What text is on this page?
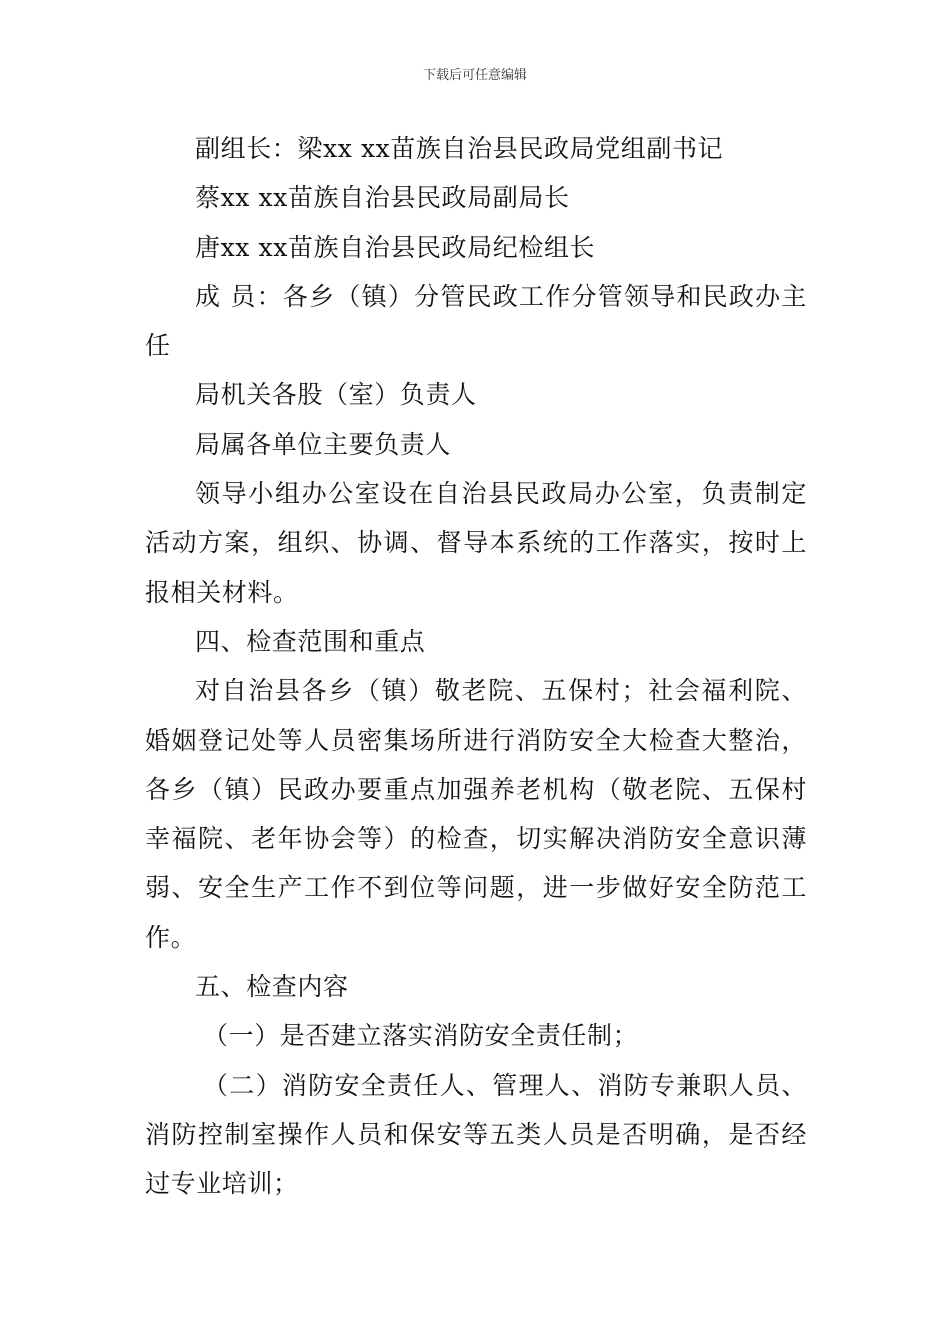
下载后可任意编辑

副组长：梁xx xx苗族自治县民政局党组副书记

蔡xx xx苗族自治县民政局副局长

唐xx xx苗族自治县民政局纪检组长

成 员：各乡（镇）分管民政工作分管领导和民政办主任

局机关各股（室）负责人

局属各单位主要负责人

领导小组办公室设在自治县民政局办公室，负责制定活动方案，组织、协调、督导本系统的工作落实，按时上报相关材料。

四、检查范围和重点

对自治县各乡（镇）敬老院、五保村；社会福利院、婚姻登记处等人员密集场所进行消防安全大检查大整治，各乡（镇）民政办要重点加强养老机构（敬老院、五保村幸福院、老年协会等）的检查，切实解决消防安全意识薄弱、安全生产工作不到位等问题，进一步做好安全防范工作。

五、检查内容

（一）是否建立落实消防安全责任制；

（二）消防安全责任人、管理人、消防专兼职人员、消防控制室操作人员和保安等五类人员是否明确，是否经过专业培训；
